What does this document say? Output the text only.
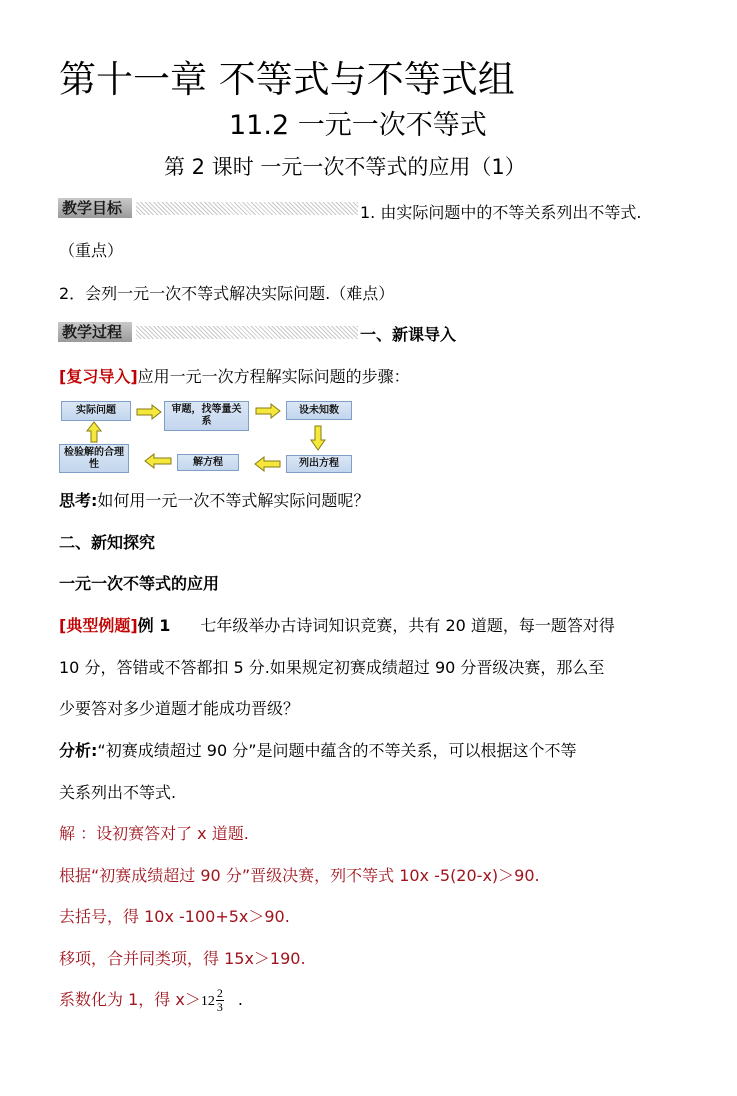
第十一章 不等式与不等式组
11.2 一元一次不等式
第 2 课时 一元一次不等式的应用（1）
教学目标	1. 由实际问题中的不等关系列出不等式.
（重点）
2．会列一元一次不等式解决实际问题.（难点）
教学过程	一、新课导入
[复习导入]应用一元一次方程解实际问题的步骤：
实际问题	审题，找等量关系
设未知数
列出方程
解方程
检验解的合理性
思考:如何用一元一次不等式解实际问题呢？
二、新知探究
一元一次不等式的应用
[典型例题]例 1 七年级举办古诗词知识竞赛，共有 20 道题，每一题答对得
10 分，答错或不答都扣 5 分.如果规定初赛成绩超过 90 分晋级决赛，那么至
少要答对多少道题才能成功晋级？
分析:“初赛成绩超过 90 分”是问题中蕴含的不等关系，可以根据这个不等
关系列出不等式.
解 ：设初赛答对了 x 道题.
根据“初赛成绩超过 90 分”晋级决赛，列不等式 10x -5(20-x)＞90.
去括号，得 10x -100+5x＞90.
移项，合并同类项，得 15x＞190.
系数化为 1，得 $x>12 \frac{2}{3}$ .
